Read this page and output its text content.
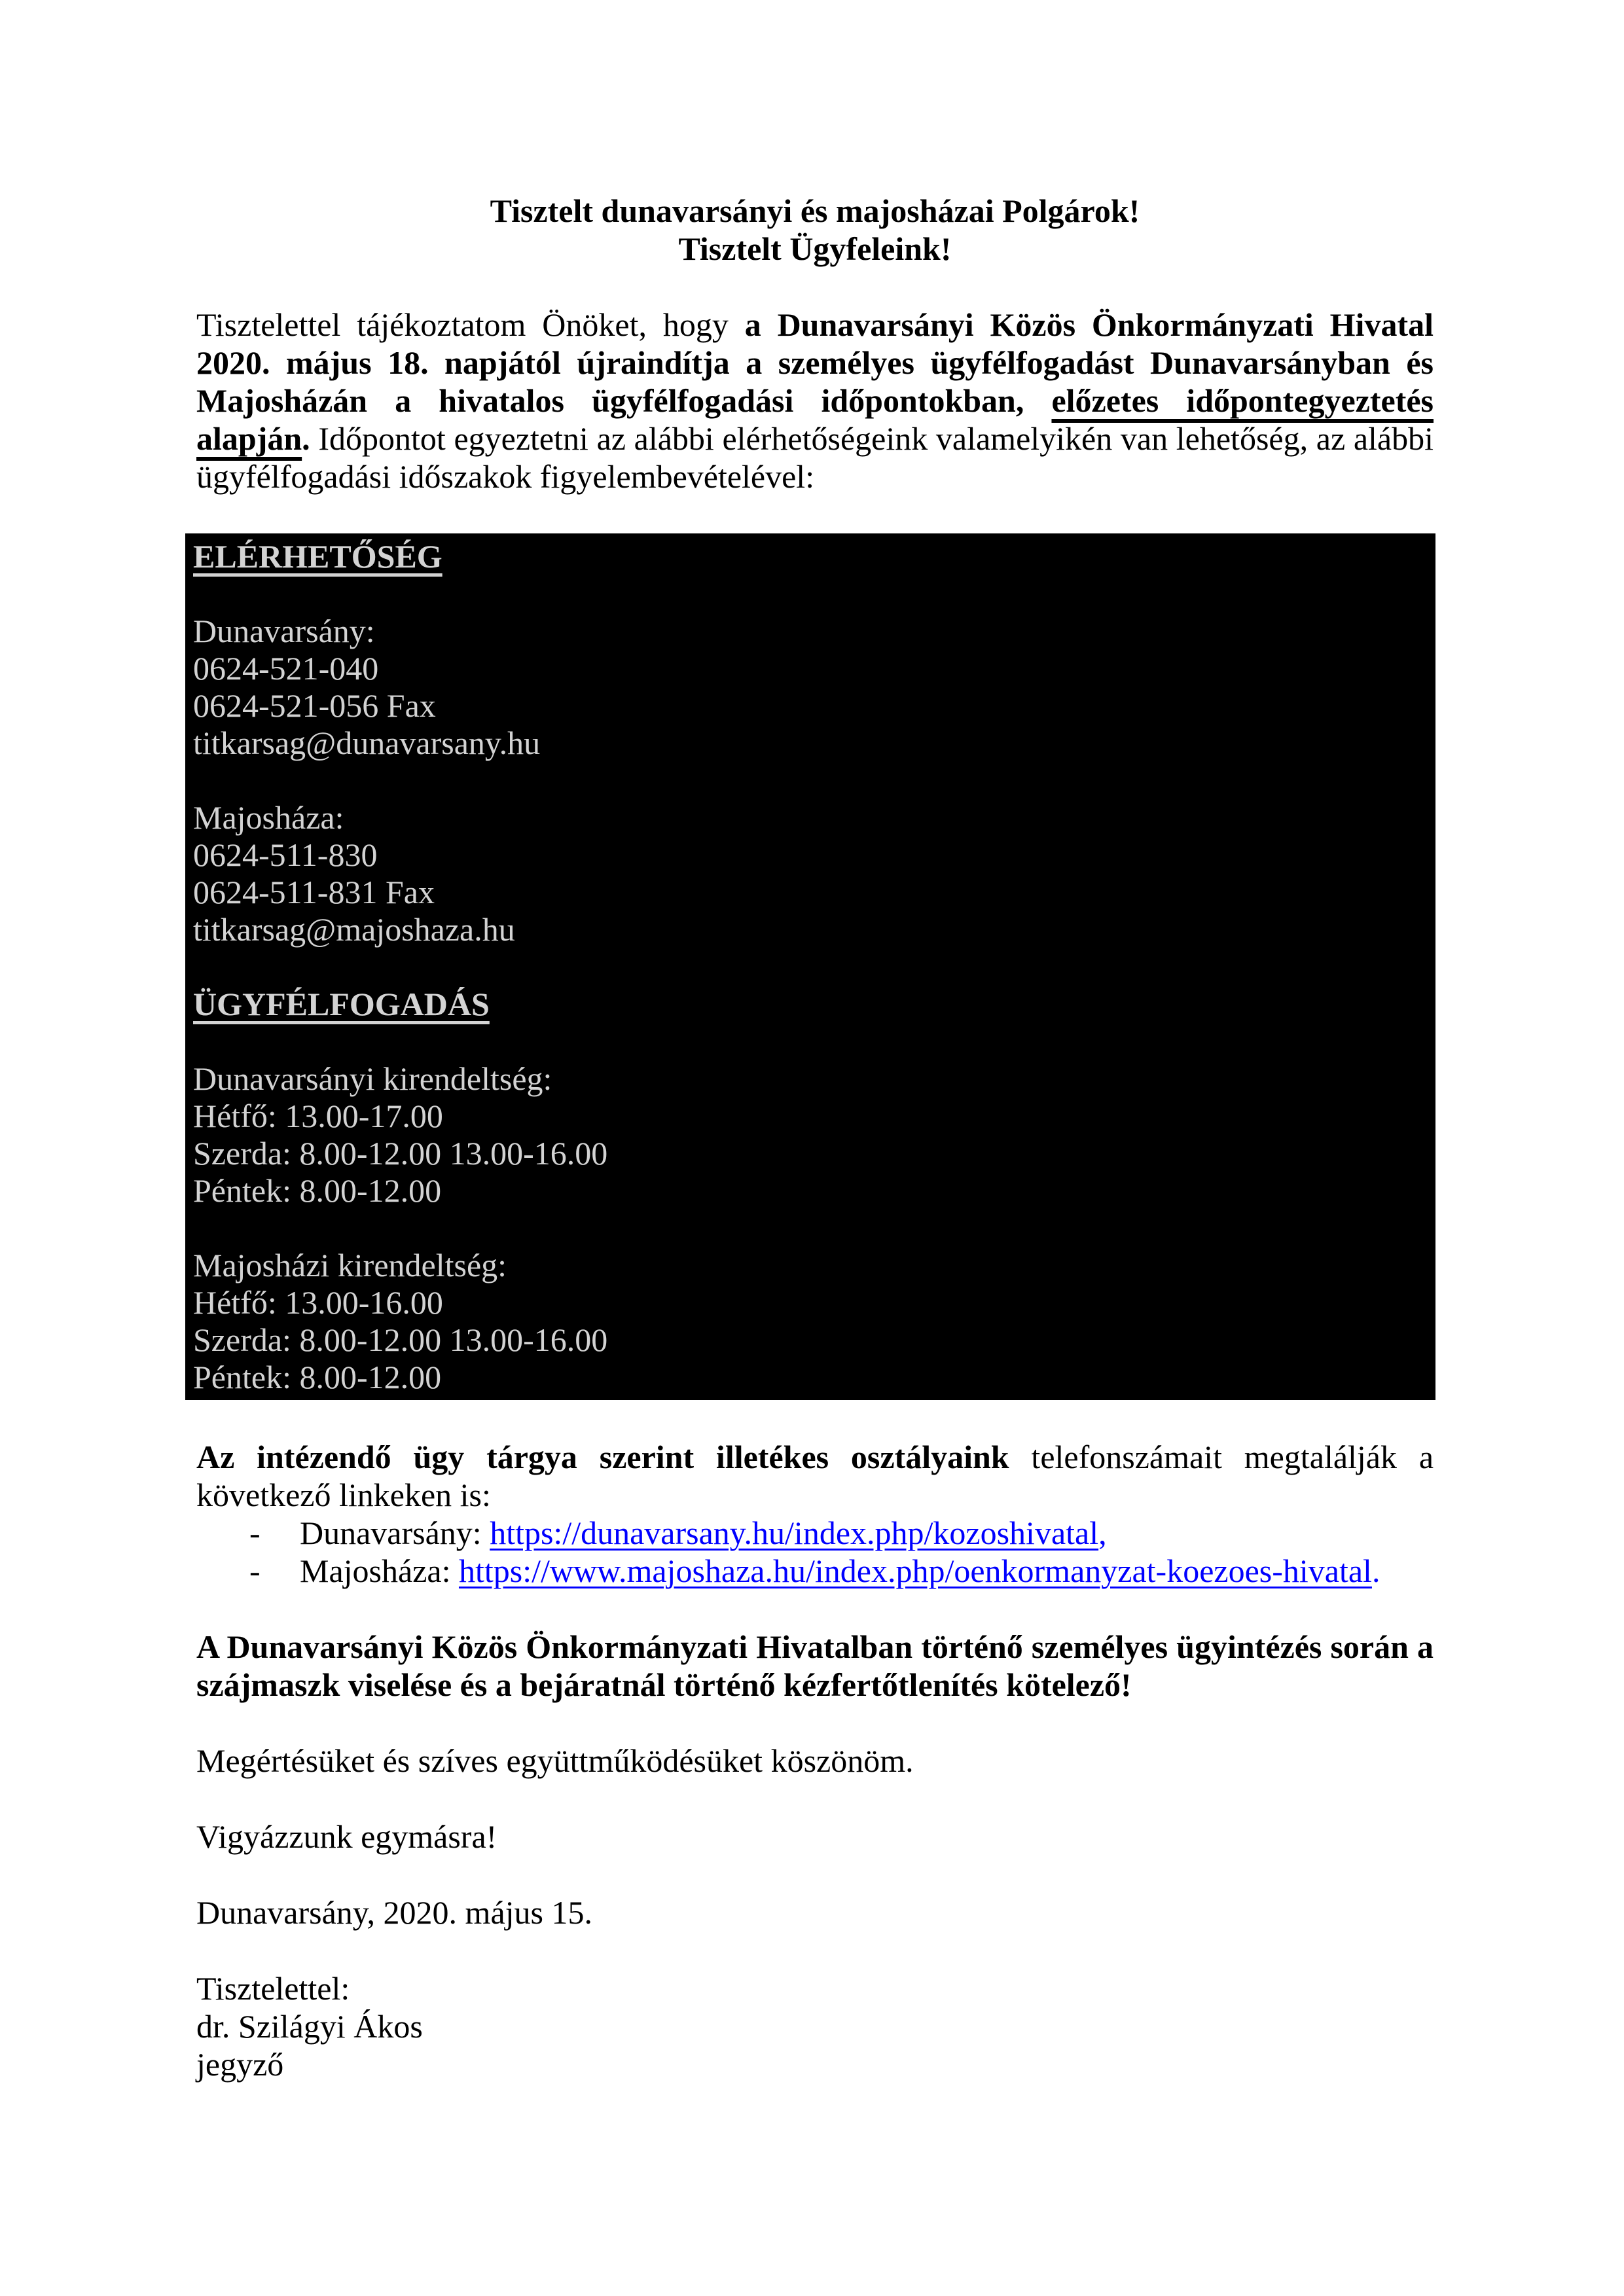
Tisztelt dunavarsányi és majosházai Polgárok!
Tisztelt Ügyfeleink!

Tisztelettel tájékoztatom Önöket, hogy a Dunavarsányi Közös Önkormányzati Hivatal 2020. május 18. napjától újraindítja a személyes ügyfélfogadást Dunavarsányban és Majosházán a hivatalos ügyfélfogadási időpontokban, előzetes időpontegyeztetés alapján. Időpontot egyeztetni az alábbi elérhetőségeink valamelyikén van lehetőség, az alábbi ügyfélfogadási időszakok figyelembevételével:

ELÉRHETŐSÉG
Dunavarsány:
0624-521-040
0624-521-056 Fax
titkarsag@dunavarsany.hu
Majosháza:
0624-511-830
0624-511-831 Fax
titkarsag@majoshaza.hu
ÜGYFÉLFOGADÁS
Dunavarsányi kirendeltség:
Hétfő: 13.00-17.00
Szerda: 8.00-12.00 13.00-16.00
Péntek: 8.00-12.00
Majosházi kirendeltség:
Hétfő: 13.00-16.00
Szerda: 8.00-12.00 13.00-16.00
Péntek: 8.00-12.00

Az intézendő ügy tárgya szerint illetékes osztályaink telefonszámait megtalálják a következő linkeken is:

- Dunavarsány: https://dunavarsany.hu/index.php/kozoshivatal,
- Majosháza: https://www.majoshaza.hu/index.php/oenkormanyzat-koezoes-hivatal.

A Dunavarsányi Közös Önkormányzati Hivatalban történő személyes ügyintézés során a szájmaszk viselése és a bejáratnál történő kézfertőtlenítés kötelező!

Megértésüket és szíves együttműködésüket köszönöm.

Vigyázzunk egymásra!

Dunavarsány, 2020. május 15.

Tisztelettel:

dr. Szilágyi Ákos

jegyző
